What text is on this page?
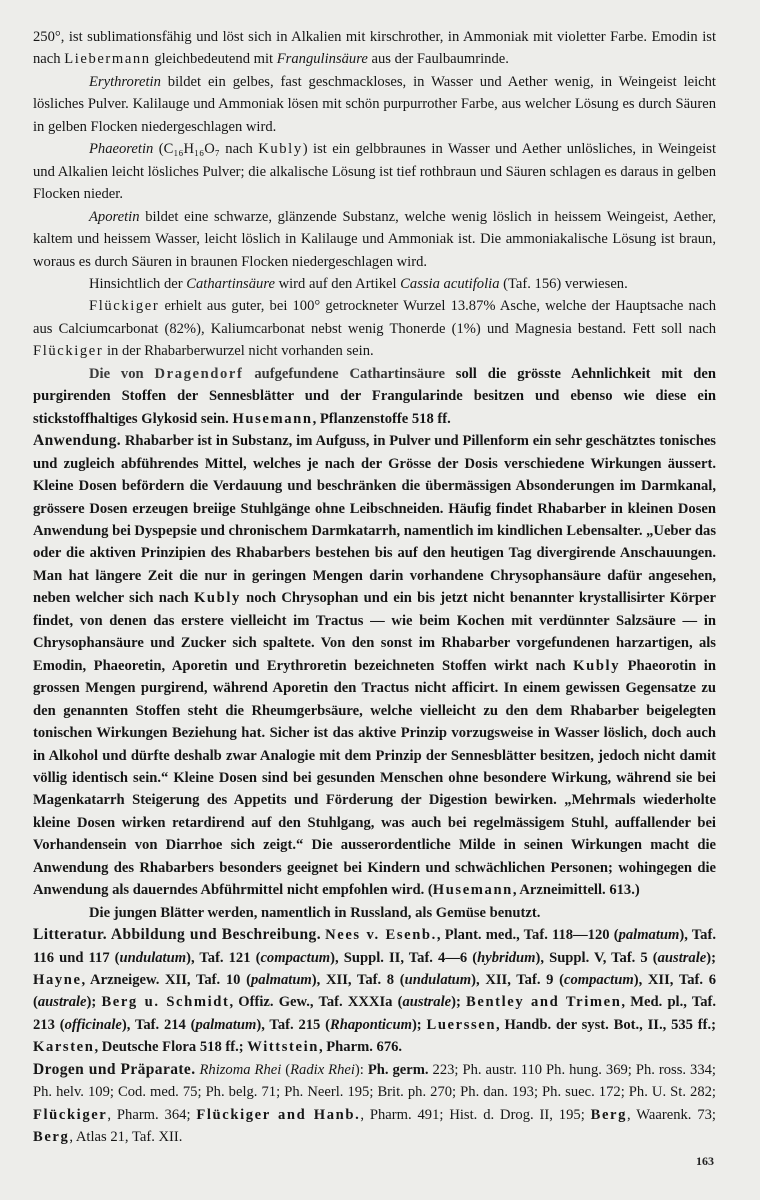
250°, ist sublimationsfähig und löst sich in Alkalien mit kirschrother, in Ammoniak mit violetter Farbe. Emodin ist nach Liebermann gleichbedeutend mit Frangulinsäure aus der Faulbaumrinde.

Erythroretin bildet ein gelbes, fast geschmackloses, in Wasser und Aether wenig, in Weingeist leicht lösliches Pulver. Kalilauge und Ammoniak lösen mit schön purpurrother Farbe, aus welcher Lösung es durch Säuren in gelben Flocken niedergeschlagen wird.

Phaeoretin (C₁₆H₁₆O₇ nach Kubly) ist ein gelbbraunes in Wasser und Aether unlösliches, in Weingeist und Alkalien leicht lösliches Pulver; die alkalische Lösung ist tief rothbraun und Säuren schlagen es daraus in gelben Flocken nieder.

Aporetin bildet eine schwarze, glänzende Substanz, welche wenig löslich in heissem Weingeist, Aether, kaltem und heissem Wasser, leicht löslich in Kalilauge und Ammoniak ist. Die ammoniakalische Lösung ist braun, woraus es durch Säuren in braunen Flocken niedergeschlagen wird.

Hinsichtlich der Cathartinsäure wird auf den Artikel Cassia acutifolia (Taf. 156) verwiesen.

Flückiger erhielt aus guter, bei 100° getrockneter Wurzel 13.87% Asche, welche der Hauptsache nach aus Calciumcarbonat (82%), Kaliumcarbonat nebst wenig Thonerde (1%) und Magnesia bestand. Fett soll nach Flückiger in der Rhabarberwurzel nicht vorhanden sein.

Die von Dragendorf aufgefundene Cathartinsäure soll die grösste Aehnlichkeit mit den purgirenden Stoffen der Sennesblätter und der Frangularinde besitzen und ebenso wie diese ein stickstoffhaltiges Glykosid sein. Husemann, Pflanzenstoffe 518 ff.

Anwendung. Rhabarber ist in Substanz, im Aufguss, in Pulver und Pillenform ein sehr geschätztes tonisches und zugleich abführendes Mittel, welches je nach der Grösse der Dosis verschiedene Wirkungen äussert. Kleine Dosen befördern die Verdauung und beschränken die übermässigen Absonderungen im Darmkanal, grössere Dosen erzeugen breiige Stuhlgänge ohne Leibschneiden. Häufig findet Rhabarber in kleinen Dosen Anwendung bei Dyspepsie und chronischem Darmkatarrh, namentlich im kindlichen Lebensalter. „Ueber das oder die aktiven Prinzipien des Rhabarbers bestehen bis auf den heutigen Tag divergirende Anschauungen. Man hat längere Zeit die nur in geringen Mengen darin vorhandene Chrysophansäure dafür angesehen, neben welcher sich nach Kubly noch Chrysophan und ein bis jetzt nicht benannter krystallisirter Körper findet, von denen das erstere vielleicht im Tractus — wie beim Kochen mit verdünnter Salzsäure — in Chrysophansäure und Zucker sich spaltete. Von den sonst im Rhabarber vorgefundenen harzartigen, als Emodin, Phaeoretin, Aporetin und Erythroretin bezeichneten Stoffen wirkt nach Kubly Phaeorotin in grossen Mengen purgirend, während Aporetin den Tractus nicht afficirt. In einem gewissen Gegensatze zu den genannten Stoffen steht die Rheumgerbsäure, welche vielleicht zu den dem Rhabarber beigelegten tonischen Wirkungen Beziehung hat. Sicher ist das aktive Prinzip vorzugsweise in Wasser löslich, doch auch in Alkohol und dürfte deshalb zwar Analogie mit dem Prinzip der Sennesblätter besitzen, jedoch nicht damit völlig identisch sein.“ Kleine Dosen sind bei gesunden Menschen ohne besondere Wirkung, während sie bei Magenkatarrh Steigerung des Appetits und Förderung der Digestion bewirken. „Mehrmals wiederholte kleine Dosen wirken retardirend auf den Stuhlgang, was auch bei regelmässigem Stuhl, auffallender bei Vorhandensein von Diarrhoe sich zeigt.“ Die ausserordentliche Milde in seinen Wirkungen macht die Anwendung des Rhabarbers besonders geeignet bei Kindern und schwächlichen Personen; wohingegen die Anwendung als dauerndes Abführmittel nicht empfohlen wird. (Husemann, Arzneimittell. 613.)

Die jungen Blätter werden, namentlich in Russland, als Gemüse benutzt.

Litteratur. Abbildung und Beschreibung. Nees v. Esenb., Plant. med., Taf. 118—120 (palmatum), Taf. 116 und 117 (undulatum), Taf. 121 (compactum), Suppl. II, Taf. 4—6 (hybridum), Suppl. V, Taf. 5 (australe); Hayne, Arzneigew. XII, Taf. 10 (palmatum), XII, Taf. 8 (undulatum), XII, Taf. 9 (compactum), XII, Taf. 6 (australe); Berg u. Schmidt, Offiz. Gew., Taf. XXXIa (australe); Bentley and Trimen, Med. pl., Taf. 213 (officinale), Taf. 214 (palmatum), Taf. 215 (Rhaponticum); Luerssen, Handb. der syst. Bot., II., 535 ff.; Karsten, Deutsche Flora 518 ff.; Wittstein, Pharm. 676.

Drogen und Präparate. Rhizoma Rhei (Radix Rhei): Ph. germ. 223; Ph. austr. 110 Ph. hung. 369; Ph. ross. 334; Ph. helv. 109; Cod. med. 75; Ph. belg. 71; Ph. Neerl. 195; Brit. ph. 270; Ph. dan. 193; Ph. suec. 172; Ph. U. St. 282; Flückiger, Pharm. 364; Flückiger and Hanb., Pharm. 491; Hist. d. Drog. II, 195; Berg, Waarenk. 73; Berg, Atlas 21, Taf. XII.

163
